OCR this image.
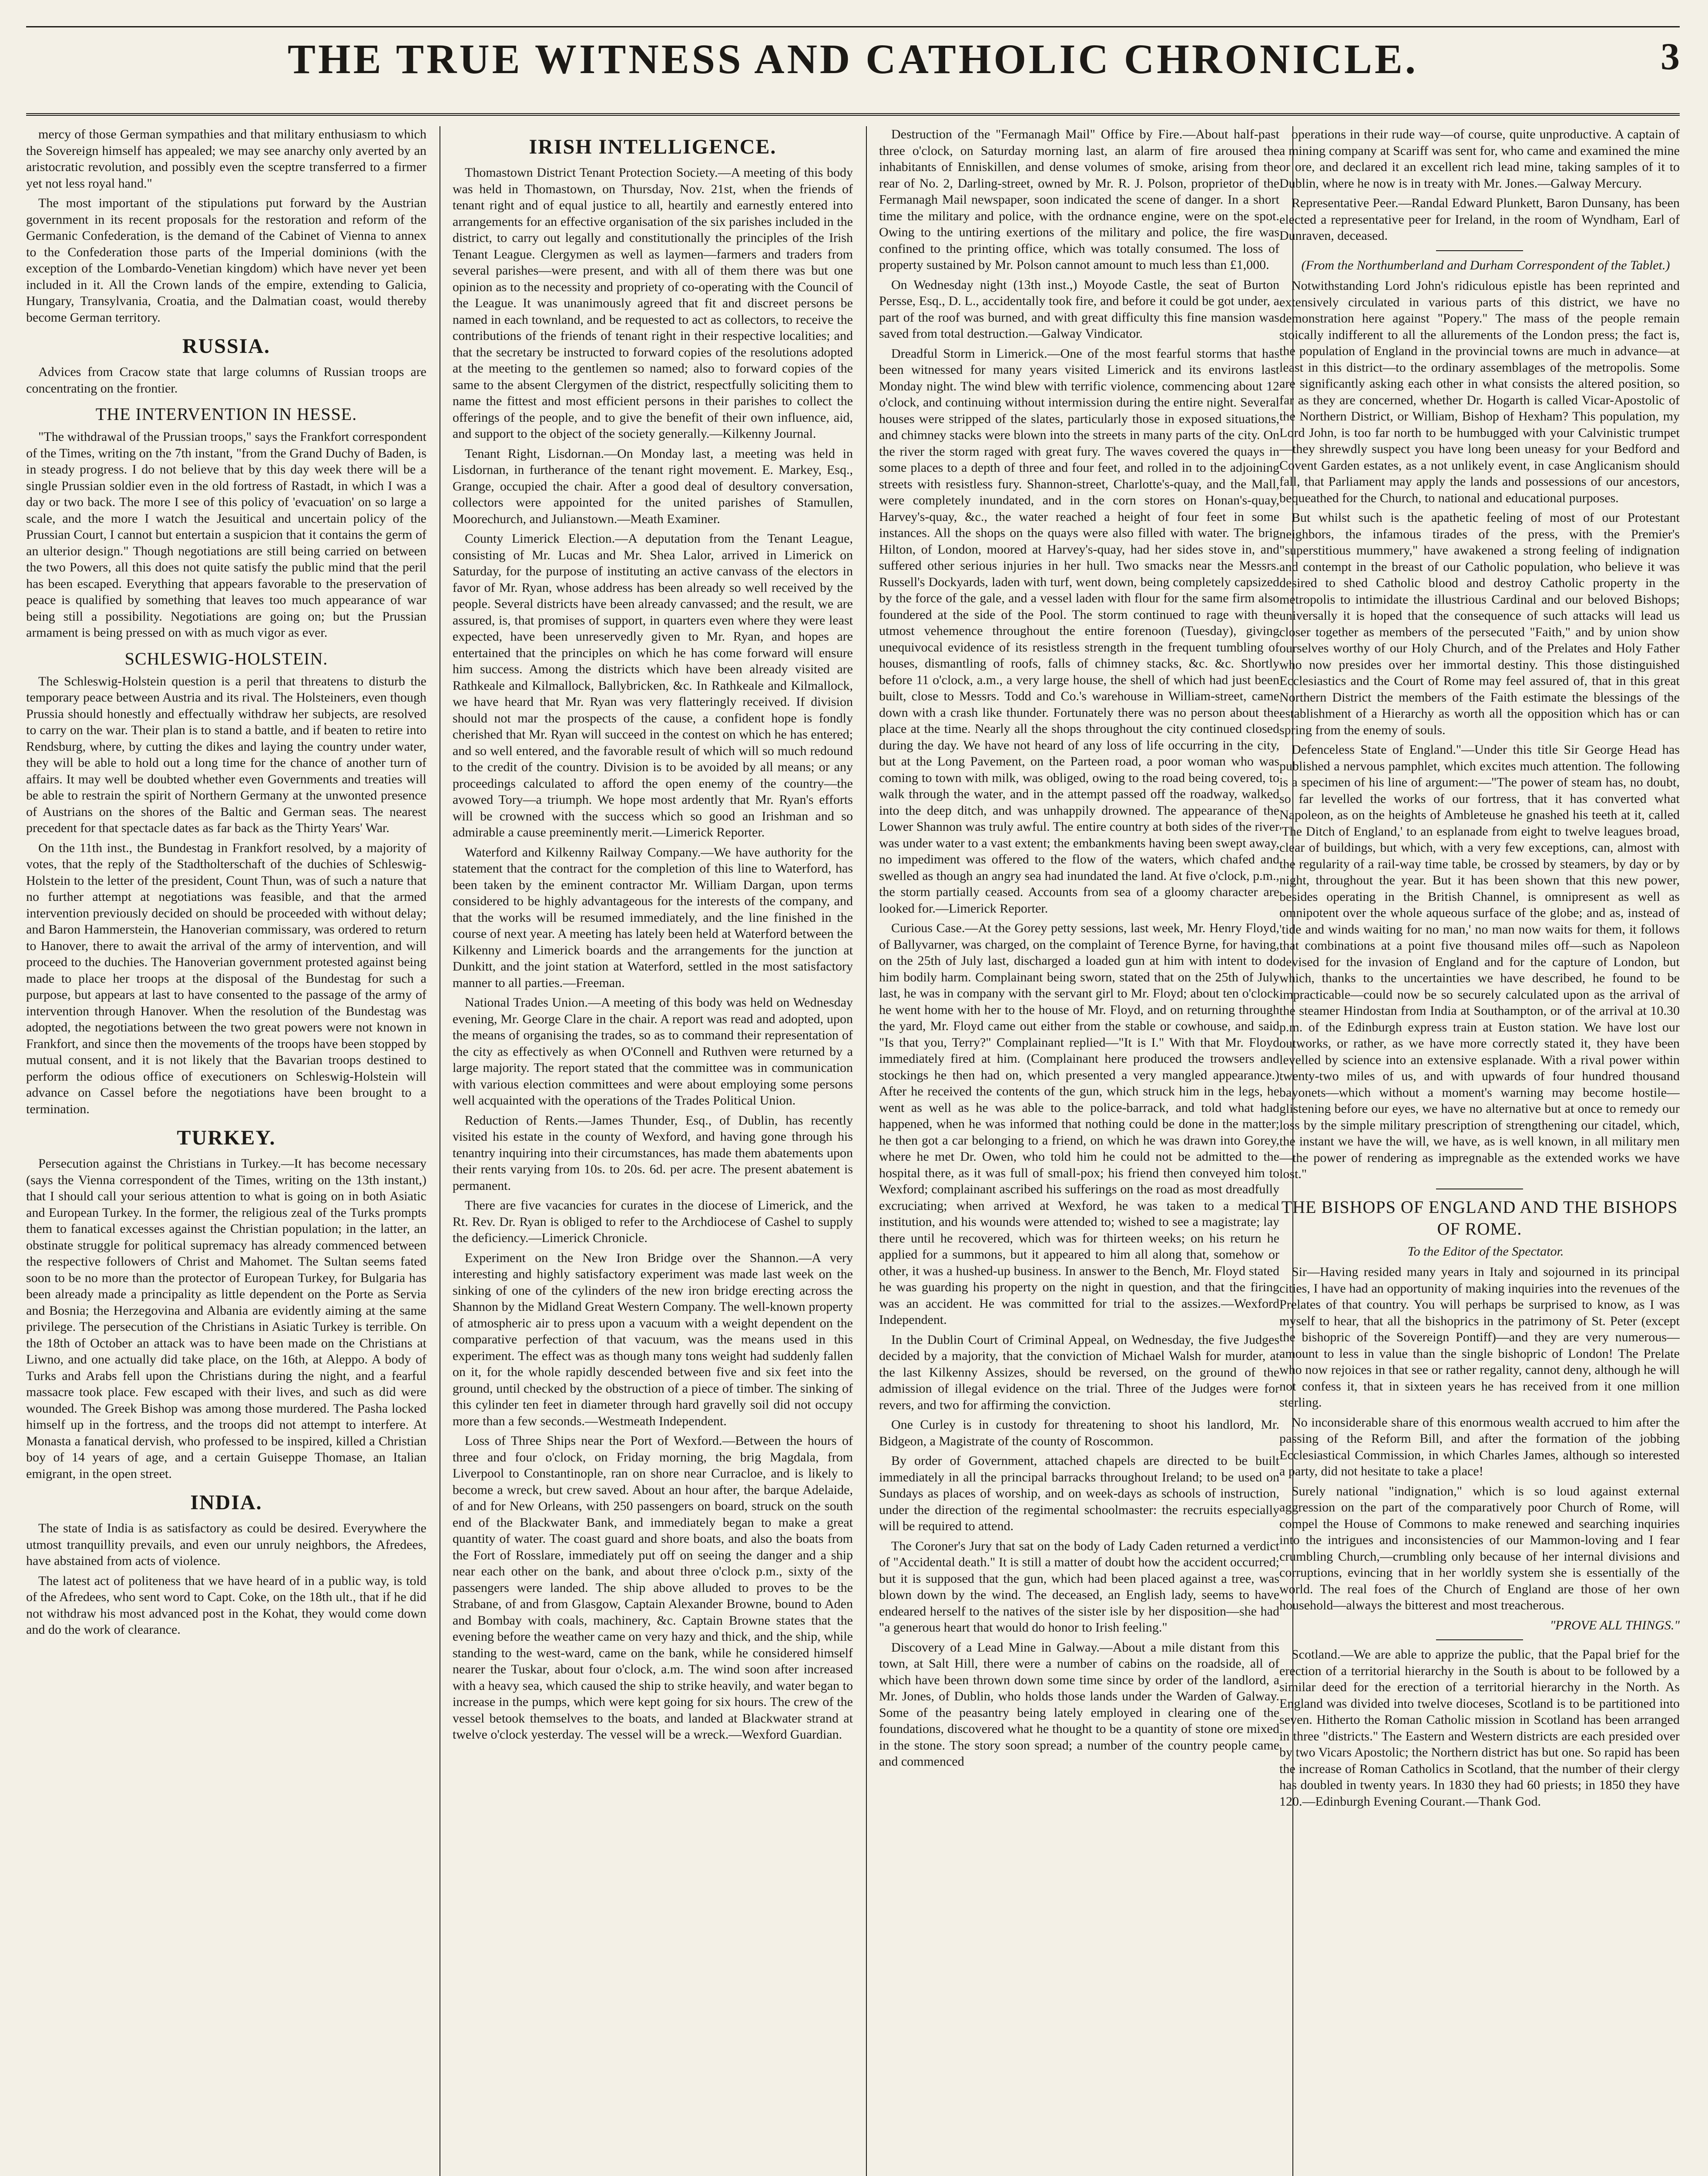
THE TRUE WITNESS AND CATHOLIC CHRONICLE.	3

mercy of those German sympathies and that military enthusiasm to which the Sovereign himself has appealed; we may see anarchy only averted by an aristocratic revolution, and possibly even the sceptre transferred to a firmer yet not less royal hand."

The most important of the stipulations put forward by the Austrian government in its recent proposals for the restoration and reform of the Germanic Confederation, is the demand of the Cabinet of Vienna to annex to the Confederation those parts of the Imperial dominions (with the exception of the Lombardo-Venetian kingdom) which have never yet been included in it. All the Crown lands of the empire, extending to Galicia, Hungary, Transylvania, Croatia, and the Dalmatian coast, would thereby become German territory.

RUSSIA.

Advices from Cracow state that large columns of Russian troops are concentrating on the frontier.

THE INTERVENTION IN HESSE.

"The withdrawal of the Prussian troops," says the Frankfort correspondent of the Times, writing on the 7th instant, "from the Grand Duchy of Baden, is in steady progress. I do not believe that by this day week there will be a single Prussian soldier even in the old fortress of Rastadt, in which I was a day or two back. The more I see of this policy of 'evacuation' on so large a scale, and the more I watch the Jesuitical and uncertain policy of the Prussian Court, I cannot but entertain a suspicion that it contains the germ of an ulterior design." Though negotiations are still being carried on between the two Powers, all this does not quite satisfy the public mind that the peril has been escaped. Everything that appears favorable to the preservation of peace is qualified by something that leaves too much appearance of war being still a possibility. Negotiations are going on; but the Prussian armament is being pressed on with as much vigor as ever.

SCHLESWIG-HOLSTEIN.

The Schleswig-Holstein question is a peril that threatens to disturb the temporary peace between Austria and its rival. The Holsteiners, even though Prussia should honestly and effectually withdraw her subjects, are resolved to carry on the war. Their plan is to stand a battle, and if beaten to retire into Rendsburg, where, by cutting the dikes and laying the country under water, they will be able to hold out a long time for the chance of another turn of affairs. It may well be doubted whether even Governments and treaties will be able to restrain the spirit of Northern Germany at the unwonted presence of Austrians on the shores of the Baltic and German seas. The nearest precedent for that spectacle dates as far back as the Thirty Years' War.

On the 11th inst., the Bundestag in Frankfort resolved, by a majority of votes, that the reply of the Stadtholterschaft of the duchies of Schleswig-Holstein to the letter of the president, Count Thun, was of such a nature that no further attempt at negotiations was feasible, and that the armed intervention previously decided on should be proceeded with without delay; and Baron Hammerstein, the Hanoverian commissary, was ordered to return to Hanover, there to await the arrival of the army of intervention, and will proceed to the duchies. The Hanoverian government protested against being made to place her troops at the disposal of the Bundestag for such a purpose, but appears at last to have consented to the passage of the army of intervention through Hanover. When the resolution of the Bundestag was adopted, the negotiations between the two great powers were not known in Frankfort, and since then the movements of the troops have been stopped by mutual consent, and it is not likely that the Bavarian troops destined to perform the odious office of executioners on Schleswig-Holstein will advance on Cassel before the negotiations have been brought to a termination.

TURKEY.

Persecution against the Christians in Turkey.—It has become necessary (says the Vienna correspondent of the Times, writing on the 13th instant,) that I should call your serious attention to what is going on in both Asiatic and European Turkey. In the former, the religious zeal of the Turks prompts them to fanatical excesses against the Christian population; in the latter, an obstinate struggle for political supremacy has already commenced between the respective followers of Christ and Mahomet. The Sultan seems fated soon to be no more than the protector of European Turkey, for Bulgaria has been already made a principality as little dependent on the Porte as Servia and Bosnia; the Herzegovina and Albania are evidently aiming at the same privilege. The persecution of the Christians in Asiatic Turkey is terrible. On the 18th of October an attack was to have been made on the Christians at Liwno, and one actually did take place, on the 16th, at Aleppo. A body of Turks and Arabs fell upon the Christians during the night, and a fearful massacre took place. Few escaped with their lives, and such as did were wounded. The Greek Bishop was among those murdered. The Pasha locked himself up in the fortress, and the troops did not attempt to interfere. At Monasta a fanatical dervish, who professed to be inspired, killed a Christian boy of 14 years of age, and a certain Guiseppe Thomase, an Italian emigrant, in the open street.

INDIA.

The state of India is as satisfactory as could be desired. Everywhere the utmost tranquillity prevails, and even our unruly neighbors, the Afredees, have abstained from acts of violence.

The latest act of politeness that we have heard of in a public way, is told of the Afredees, who sent word to Capt. Coke, on the 18th ult., that if he did not withdraw his most advanced post in the Kohat, they would come down and do the work of clearance.

IRISH INTELLIGENCE.

Thomastown District Tenant Protection Society.—A meeting of this body was held in Thomastown, on Thursday, Nov. 21st, when the friends of tenant right and of equal justice to all, heartily and earnestly entered into arrangements for an effective organisation of the six parishes included in the district, to carry out legally and constitutionally the principles of the Irish Tenant League. Clergymen as well as laymen—farmers and traders from several parishes—were present, and with all of them there was but one opinion as to the necessity and propriety of co-operating with the Council of the League. It was unanimously agreed that fit and discreet persons be named in each townland, and be requested to act as collectors, to receive the contributions of the friends of tenant right in their respective localities; and that the secretary be instructed to forward copies of the resolutions adopted at the meeting to the gentlemen so named; also to forward copies of the same to the absent Clergymen of the district, respectfully soliciting them to name the fittest and most efficient persons in their parishes to collect the offerings of the people, and to give the benefit of their own influence, aid, and support to the object of the society generally.—Kilkenny Journal.

Tenant Right, Lisdornan.—On Monday last, a meeting was held in Lisdornan, in furtherance of the tenant right movement. E. Markey, Esq., Grange, occupied the chair. After a good deal of desultory conversation, collectors were appointed for the united parishes of Stamullen, Moorechurch, and Julianstown.—Meath Examiner.

County Limerick Election.—A deputation from the Tenant League, consisting of Mr. Lucas and Mr. Shea Lalor, arrived in Limerick on Saturday, for the purpose of instituting an active canvass of the electors in favor of Mr. Ryan, whose address has been already so well received by the people. Several districts have been already canvassed; and the result, we are assured, is, that promises of support, in quarters even where they were least expected, have been unreservedly given to Mr. Ryan, and hopes are entertained that the principles on which he has come forward will ensure him success. Among the districts which have been already visited are Rathkeale and Kilmallock, Ballybricken, &c. In Rathkeale and Kilmallock, we have heard that Mr. Ryan was very flatteringly received. If division should not mar the prospects of the cause, a confident hope is fondly cherished that Mr. Ryan will succeed in the contest on which he has entered; and so well entered, and the favorable result of which will so much redound to the credit of the country. Division is to be avoided by all means; or any proceedings calculated to afford the open enemy of the country—the avowed Tory—a triumph. We hope most ardently that Mr. Ryan's efforts will be crowned with the success which so good an Irishman and so admirable a cause preeminently merit.—Limerick Reporter.

Waterford and Kilkenny Railway Company.—We have authority for the statement that the contract for the completion of this line to Waterford, has been taken by the eminent contractor Mr. William Dargan, upon terms considered to be highly advantageous for the interests of the company, and that the works will be resumed immediately, and the line finished in the course of next year. A meeting has lately been held at Waterford between the Kilkenny and Limerick boards and the arrangements for the junction at Dunkitt, and the joint station at Waterford, settled in the most satisfactory manner to all parties.—Freeman.

National Trades Union.—A meeting of this body was held on Wednesday evening, Mr. George Clare in the chair. A report was read and adopted, upon the means of organising the trades, so as to command their representation of the city as effectively as when O'Connell and Ruthven were returned by a large majority. The report stated that the committee was in communication with various election committees and were about employing some persons well acquainted with the operations of the Trades Political Union.

Reduction of Rents.—James Thunder, Esq., of Dublin, has recently visited his estate in the county of Wexford, and having gone through his tenantry inquiring into their circumstances, has made them abatements upon their rents varying from 10s. to 20s. 6d. per acre. The present abatement is permanent.

There are five vacancies for curates in the diocese of Limerick, and the Rt. Rev. Dr. Ryan is obliged to refer to the Archdiocese of Cashel to supply the deficiency.—Limerick Chronicle.

Experiment on the New Iron Bridge over the Shannon.—A very interesting and highly satisfactory experiment was made last week on the sinking of one of the cylinders of the new iron bridge erecting across the Shannon by the Midland Great Western Company. The well-known property of atmospheric air to press upon a vacuum with a weight dependent on the comparative perfection of that vacuum, was the means used in this experiment. The effect was as though many tons weight had suddenly fallen on it, for the whole rapidly descended between five and six feet into the ground, until checked by the obstruction of a piece of timber. The sinking of this cylinder ten feet in diameter through hard gravelly soil did not occupy more than a few seconds.—Westmeath Independent.

Loss of Three Ships near the Port of Wexford.—Between the hours of three and four o'clock, on Friday morning, the brig Magdala, from Liverpool to Constantinople, ran on shore near Curracloe, and is likely to become a wreck, but crew saved. About an hour after, the barque Adelaide, of and for New Orleans, with 250 passengers on board, struck on the south end of the Blackwater Bank, and immediately began to make a great quantity of water. The coast guard and shore boats, and also the boats from the Fort of Rosslare, immediately put off on seeing the danger and a ship near each other on the bank, and about three o'clock p.m., sixty of the passengers were landed. The ship above alluded to proves to be the Strabane, of and from Glasgow, Captain Alexander Browne, bound to Aden and Bombay with coals, machinery, &c. Captain Browne states that the evening before the weather came on very hazy and thick, and the ship, while standing to the west-ward, came on the bank, while he considered himself nearer the Tuskar, about four o'clock, a.m. The wind soon after increased with a heavy sea, which caused the ship to strike heavily, and water began to increase in the pumps, which were kept going for six hours. The crew of the vessel betook themselves to the boats, and landed at Blackwater strand at twelve o'clock yesterday. The vessel will be a wreck.—Wexford Guardian.

Destruction of the "Fermanagh Mail" Office by Fire.—About half-past three o'clock, on Saturday morning last, an alarm of fire aroused the inhabitants of Enniskillen, and dense volumes of smoke, arising from the rear of No. 2, Darling-street, owned by Mr. R. J. Polson, proprietor of the Fermanagh Mail newspaper, soon indicated the scene of danger. In a short time the military and police, with the ordnance engine, were on the spot. Owing to the untiring exertions of the military and police, the fire was confined to the printing office, which was totally consumed. The loss of property sustained by Mr. Polson cannot amount to much less than £1,000.

On Wednesday night (13th inst.,) Moyode Castle, the seat of Burton Persse, Esq., D. L., accidentally took fire, and before it could be got under, a part of the roof was burned, and with great difficulty this fine mansion was saved from total destruction.—Galway Vindicator.

Dreadful Storm in Limerick.—One of the most fearful storms that has been witnessed for many years visited Limerick and its environs last Monday night. The wind blew with terrific violence, commencing about 12 o'clock, and continuing without intermission during the entire night. Several houses were stripped of the slates, particularly those in exposed situations, and chimney stacks were blown into the streets in many parts of the city. On the river the storm raged with great fury. The waves covered the quays in some places to a depth of three and four feet, and rolled in to the adjoining streets with resistless fury. Shannon-street, Charlotte's-quay, and the Mall, were completely inundated, and in the corn stores on Honan's-quay, Harvey's-quay, &c., the water reached a height of four feet in some instances. All the shops on the quays were also filled with water. The brig Hilton, of London, moored at Harvey's-quay, had her sides stove in, and suffered other serious injuries in her hull. Two smacks near the Messrs. Russell's Dockyards, laden with turf, went down, being completely capsized by the force of the gale, and a vessel laden with flour for the same firm also foundered at the side of the Pool. The storm continued to rage with the utmost vehemence throughout the entire forenoon (Tuesday), giving unequivocal evidence of its resistless strength in the frequent tumbling of houses, dismantling of roofs, falls of chimney stacks, &c. &c. Shortly before 11 o'clock, a.m., a very large house, the shell of which had just been built, close to Messrs. Todd and Co.'s warehouse in William-street, came down with a crash like thunder. Fortunately there was no person about the place at the time. Nearly all the shops throughout the city continued closed during the day. We have not heard of any loss of life occurring in the city, but at the Long Pavement, on the Parteen road, a poor woman who was coming to town with milk, was obliged, owing to the road being covered, to walk through the water, and in the attempt passed off the roadway, walked into the deep ditch, and was unhappily drowned. The appearance of the Lower Shannon was truly awful. The entire country at both sides of the river was under water to a vast extent; the embankments having been swept away, no impediment was offered to the flow of the waters, which chafed and swelled as though an angry sea had inundated the land. At five o'clock, p.m., the storm partially ceased. Accounts from sea of a gloomy character are looked for.—Limerick Reporter.

Curious Case.—At the Gorey petty sessions, last week, Mr. Henry Floyd, of Ballyvarner, was charged, on the complaint of Terence Byrne, for having, on the 25th of July last, discharged a loaded gun at him with intent to do him bodily harm. Complainant being sworn, stated that on the 25th of July last, he was in company with the servant girl to Mr. Floyd; about ten o'clock he went home with her to the house of Mr. Floyd, and on returning through the yard, Mr. Floyd came out either from the stable or cowhouse, and said "Is that you, Terry?" Complainant replied—"It is I." With that Mr. Floyd immediately fired at him. (Complainant here produced the trowsers and stockings he then had on, which presented a very mangled appearance.) After he received the contents of the gun, which struck him in the legs, he went as well as he was able to the police-barrack, and told what had happened, when he was informed that nothing could be done in the matter; he then got a car belonging to a friend, on which he was drawn into Gorey, where he met Dr. Owen, who told him he could not be admitted to the hospital there, as it was full of small-pox; his friend then conveyed him to Wexford; complainant ascribed his sufferings on the road as most dreadfully excruciating; when arrived at Wexford, he was taken to a medical institution, and his wounds were attended to; wished to see a magistrate; lay there until he recovered, which was for thirteen weeks; on his return he applied for a summons, but it appeared to him all along that, somehow or other, it was a hushed-up business. In answer to the Bench, Mr. Floyd stated he was guarding his property on the night in question, and that the firing was an accident. He was committed for trial to the assizes.—Wexford Independent.

In the Dublin Court of Criminal Appeal, on Wednesday, the five Judges decided by a majority, that the conviction of Michael Walsh for murder, at the last Kilkenny Assizes, should be reversed, on the ground of the admission of illegal evidence on the trial. Three of the Judges were for revers, and two for affirming the conviction.

One Curley is in custody for threatening to shoot his landlord, Mr. Bidgeon, a Magistrate of the county of Roscommon.

By order of Government, attached chapels are directed to be built immediately in all the principal barracks throughout Ireland; to be used on Sundays as places of worship, and on week-days as schools of instruction, under the direction of the regimental schoolmaster: the recruits especially will be required to attend.

The Coroner's Jury that sat on the body of Lady Caden returned a verdict of "Accidental death." It is still a matter of doubt how the accident occurred; but it is supposed that the gun, which had been placed against a tree, was blown down by the wind. The deceased, an English lady, seems to have endeared herself to the natives of the sister isle by her disposition—she had "a generous heart that would do honor to Irish feeling."

Discovery of a Lead Mine in Galway.—About a mile distant from this town, at Salt Hill, there were a number of cabins on the roadside, all of which have been thrown down some time since by order of the landlord, a Mr. Jones, of Dublin, who holds those lands under the Warden of Galway. Some of the peasantry being lately employed in clearing one of the foundations, discovered what he thought to be a quantity of stone ore mixed in the stone. The story soon spread; a number of the country people came and commenced

operations in their rude way—of course, quite unproductive. A captain of a mining company at Scariff was sent for, who came and examined the mine or ore, and declared it an excellent rich lead mine, taking samples of it to Dublin, where he now is in treaty with Mr. Jones.—Galway Mercury.

Representative Peer.—Randal Edward Plunkett, Baron Dunsany, has been elected a representative peer for Ireland, in the room of Wyndham, Earl of Dunraven, deceased.

(From the Northumberland and Durham Correspondent of the Tablet.)

Notwithstanding Lord John's ridiculous epistle has been reprinted and extensively circulated in various parts of this district, we have no demonstration here against "Popery." The mass of the people remain stoically indifferent to all the allurements of the London press; the fact is, the population of England in the provincial towns are much in advance—at least in this district—to the ordinary assemblages of the metropolis. Some are significantly asking each other in what consists the altered position, so far as they are concerned, whether Dr. Hogarth is called Vicar-Apostolic of the Northern District, or William, Bishop of Hexham? This population, my Lord John, is too far north to be humbugged with your Calvinistic trumpet—they shrewdly suspect you have long been uneasy for your Bedford and Covent Garden estates, as a not unlikely event, in case Anglicanism should fall, that Parliament may apply the lands and possessions of our ancestors, bequeathed for the Church, to national and educational purposes.

But whilst such is the apathetic feeling of most of our Protestant neighbors, the infamous tirades of the press, with the Premier's "superstitious mummery," have awakened a strong feeling of indignation and contempt in the breast of our Catholic population, who believe it was desired to shed Catholic blood and destroy Catholic property in the metropolis to intimidate the illustrious Cardinal and our beloved Bishops; universally it is hoped that the consequence of such attacks will lead us closer together as members of the persecuted "Faith," and by union show ourselves worthy of our Holy Church, and of the Prelates and Holy Father who now presides over her immortal destiny. This those distinguished Ecclesiastics and the Court of Rome may feel assured of, that in this great Northern District the members of the Faith estimate the blessings of the establishment of a Hierarchy as worth all the opposition which has or can spring from the enemy of souls.

Defenceless State of England."—Under this title Sir George Head has published a nervous pamphlet, which excites much attention. The following is a specimen of his line of argument:—"The power of steam has, no doubt, so far levelled the works of our fortress, that it has converted what Napoleon, as on the heights of Ambleteuse he gnashed his teeth at it, called 'The Ditch of England,' to an esplanade from eight to twelve leagues broad, clear of buildings, but which, with a very few exceptions, can, almost with the regularity of a rail-way time table, be crossed by steamers, by day or by night, throughout the year. But it has been shown that this new power, besides operating in the British Channel, is omnipresent as well as omnipotent over the whole aqueous surface of the globe; and as, instead of 'tide and winds waiting for no man,' no man now waits for them, it follows that combinations at a point five thousand miles off—such as Napoleon devised for the invasion of England and for the capture of London, but which, thanks to the uncertainties we have described, he found to be impracticable—could now be so securely calculated upon as the arrival of the steamer Hindostan from India at Southampton, or of the arrival at 10.30 p.m. of the Edinburgh express train at Euston station. We have lost our outworks, or rather, as we have more correctly stated it, they have been levelled by science into an extensive esplanade. With a rival power within twenty-two miles of us, and with upwards of four hundred thousand bayonets—which without a moment's warning may become hostile—glistening before our eyes, we have no alternative but at once to remedy our loss by the simple military prescription of strengthening our citadel, which, the instant we have the will, we have, as is well known, in all military men—the power of rendering as impregnable as the extended works we have lost."

THE BISHOPS OF ENGLAND AND THE BISHOPS OF ROME.

To the Editor of the Spectator.

Sir—Having resided many years in Italy and sojourned in its principal cities, I have had an opportunity of making inquiries into the revenues of the Prelates of that country. You will perhaps be surprised to know, as I was myself to hear, that all the bishoprics in the patrimony of St. Peter (except the bishopric of the Sovereign Pontiff)—and they are very numerous—amount to less in value than the single bishopric of London! The Prelate who now rejoices in that see or rather regality, cannot deny, although he will not confess it, that in sixteen years he has received from it one million sterling.

No inconsiderable share of this enormous wealth accrued to him after the passing of the Reform Bill, and after the formation of the jobbing Ecclesiastical Commission, in which Charles James, although so interested a party, did not hesitate to take a place!

Surely national "indignation," which is so loud against external aggression on the part of the comparatively poor Church of Rome, will compel the House of Commons to make renewed and searching inquiries into the intrigues and inconsistencies of our Mammon-loving and I fear crumbling Church,—crumbling only because of her internal divisions and corruptions, evincing that in her worldly system she is essentially of the world. The real foes of the Church of England are those of her own household—always the bitterest and most treacherous.

"PROVE ALL THINGS."

Scotland.—We are able to apprize the public, that the Papal brief for the erection of a territorial hierarchy in the South is about to be followed by a similar deed for the erection of a territorial hierarchy in the North. As England was divided into twelve dioceses, Scotland is to be partitioned into seven. Hitherto the Roman Catholic mission in Scotland has been arranged in three "districts." The Eastern and Western districts are each presided over by two Vicars Apostolic; the Northern district has but one. So rapid has been the increase of Roman Catholics in Scotland, that the number of their clergy has doubled in twenty years. In 1830 they had 60 priests; in 1850 they have 120.—Edinburgh Evening Courant.—Thank God.
